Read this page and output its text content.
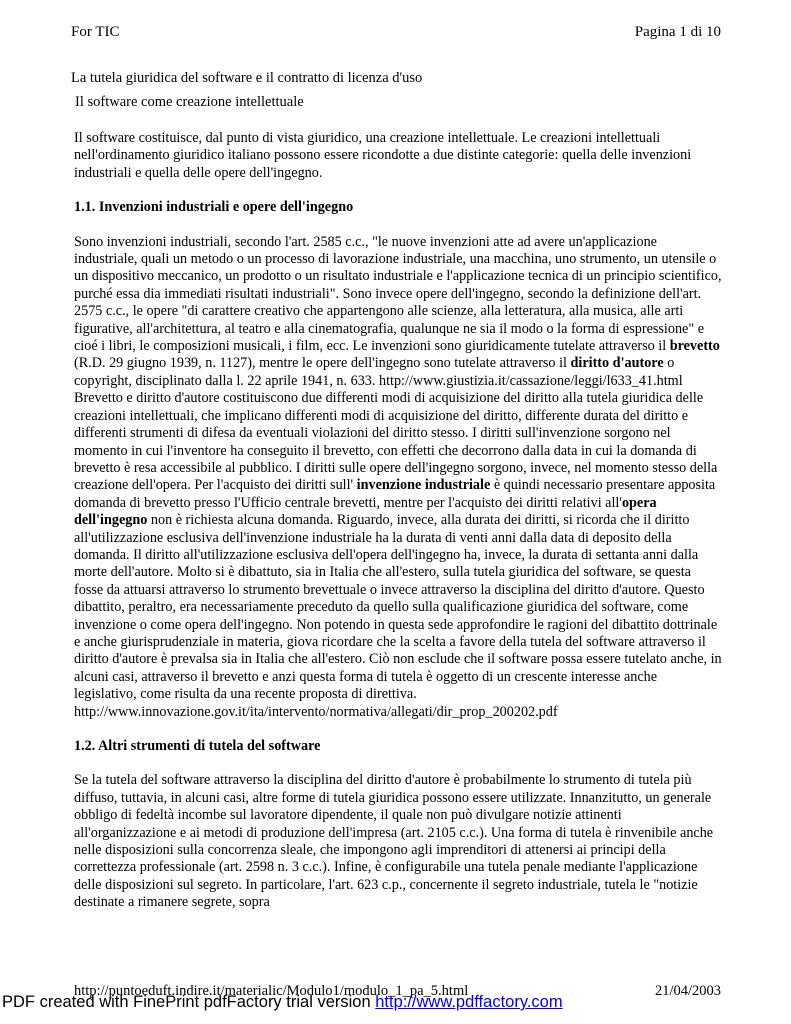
For TIC	Pagina 1 di 10
La tutela giuridica del software e il contratto di licenza d'uso
Il software come creazione intellettuale

Il software costituisce, dal punto di vista giuridico, una creazione intellettuale. Le creazioni intellettuali nell'ordinamento giuridico italiano possono essere ricondotte a due distinte categorie: quella delle invenzioni industriali e quella delle opere dell'ingegno.

1.1. Invenzioni industriali e opere dell'ingegno

Sono invenzioni industriali, secondo l'art. 2585 c.c., "le nuove invenzioni atte ad avere un'applicazione industriale, quali un metodo o un processo di lavorazione industriale, una macchina, uno strumento, un utensile o un dispositivo meccanico, un prodotto o un risultato industriale e l'applicazione tecnica di un principio scientifico, purché essa dia immediati risultati industriali". Sono invece opere dell'ingegno, secondo la definizione dell'art. 2575 c.c., le opere "di carattere creativo che appartengono alle scienze, alla letteratura, alla musica, alle arti figurative, all'architettura, al teatro e alla cinematografia, qualunque ne sia il modo o la forma di espressione" e cioé i libri, le composizioni musicali, i film, ecc. Le invenzioni sono giuridicamente tutelate attraverso il brevetto (R.D. 29 giugno 1939, n. 1127), mentre le opere dell'ingegno sono tutelate attraverso il diritto d'autore o copyright, disciplinato dalla l. 22 aprile 1941, n. 633. http://www.giustizia.it/cassazione/leggi/l633_41.html Brevetto e diritto d'autore costituiscono due differenti modi di acquisizione del diritto alla tutela giuridica delle creazioni intellettuali, che implicano differenti modi di acquisizione del diritto, differente durata del diritto e differenti strumenti di difesa da eventuali violazioni del diritto stesso. I diritti sull'invenzione sorgono nel momento in cui l'inventore ha conseguito il brevetto, con effetti che decorrono dalla data in cui la domanda di brevetto è resa accessibile al pubblico. I diritti sulle opere dell'ingegno sorgono, invece, nel momento stesso della creazione dell'opera. Per l'acquisto dei diritti sull' invenzione industriale è quindi necessario presentare apposita domanda di brevetto presso l'Ufficio centrale brevetti, mentre per l'acquisto dei diritti relativi all'opera dell'ingegno non è richiesta alcuna domanda. Riguardo, invece, alla durata dei diritti, si ricorda che il diritto all'utilizzazione esclusiva dell'invenzione industriale ha la durata di venti anni dalla data di deposito della domanda. Il diritto all'utilizzazione esclusiva dell'opera dell'ingegno ha, invece, la durata di settanta anni dalla morte dell'autore. Molto si è dibattuto, sia in Italia che all'estero, sulla tutela giuridica del software, se questa fosse da attuarsi attraverso lo strumento brevettuale o invece attraverso la disciplina del diritto d'autore. Questo dibattito, peraltro, era necessariamente preceduto da quello sulla qualificazione giuridica del software, come invenzione o come opera dell'ingegno. Non potendo in questa sede approfondire le ragioni del dibattito dottrinale e anche giurisprudenziale in materia, giova ricordare che la scelta a favore della tutela del software attraverso il diritto d'autore è prevalsa sia in Italia che all'estero. Ciò non esclude che il software possa essere tutelato anche, in alcuni casi, attraverso il brevetto e anzi questa forma di tutela è oggetto di un crescente interesse anche legislativo, come risulta da una recente proposta di direttiva. http://www.innovazione.gov.it/ita/intervento/normativa/allegati/dir_prop_200202.pdf

1.2. Altri strumenti di tutela del software

Se la tutela del software attraverso la disciplina del diritto d'autore è probabilmente lo strumento di tutela più diffuso, tuttavia, in alcuni casi, altre forme di tutela giuridica possono essere utilizzate. Innanzitutto, un generale obbligo di fedeltà incombe sul lavoratore dipendente, il quale non può divulgare notizie attinenti all'organizzazione e ai metodi di produzione dell'impresa (art. 2105 c.c.). Una forma di tutela è rinvenibile anche nelle disposizioni sulla concorrenza sleale, che impongono agli imprenditori di attenersi ai principi della correttezza professionale (art. 2598 n. 3 c.c.). Infine, è configurabile una tutela penale mediante l'applicazione delle disposizioni sul segreto. In particolare, l'art. 623 c.p., concernente il segreto industriale, tutela le "notizie destinate a rimanere segrete, sopra

http://puntoeduft.indire.it/materialic/Modulo1/modulo_1_pa_5.html	21/04/2003
PDF created with FinePrint pdfFactory trial version http://www.pdffactory.com
